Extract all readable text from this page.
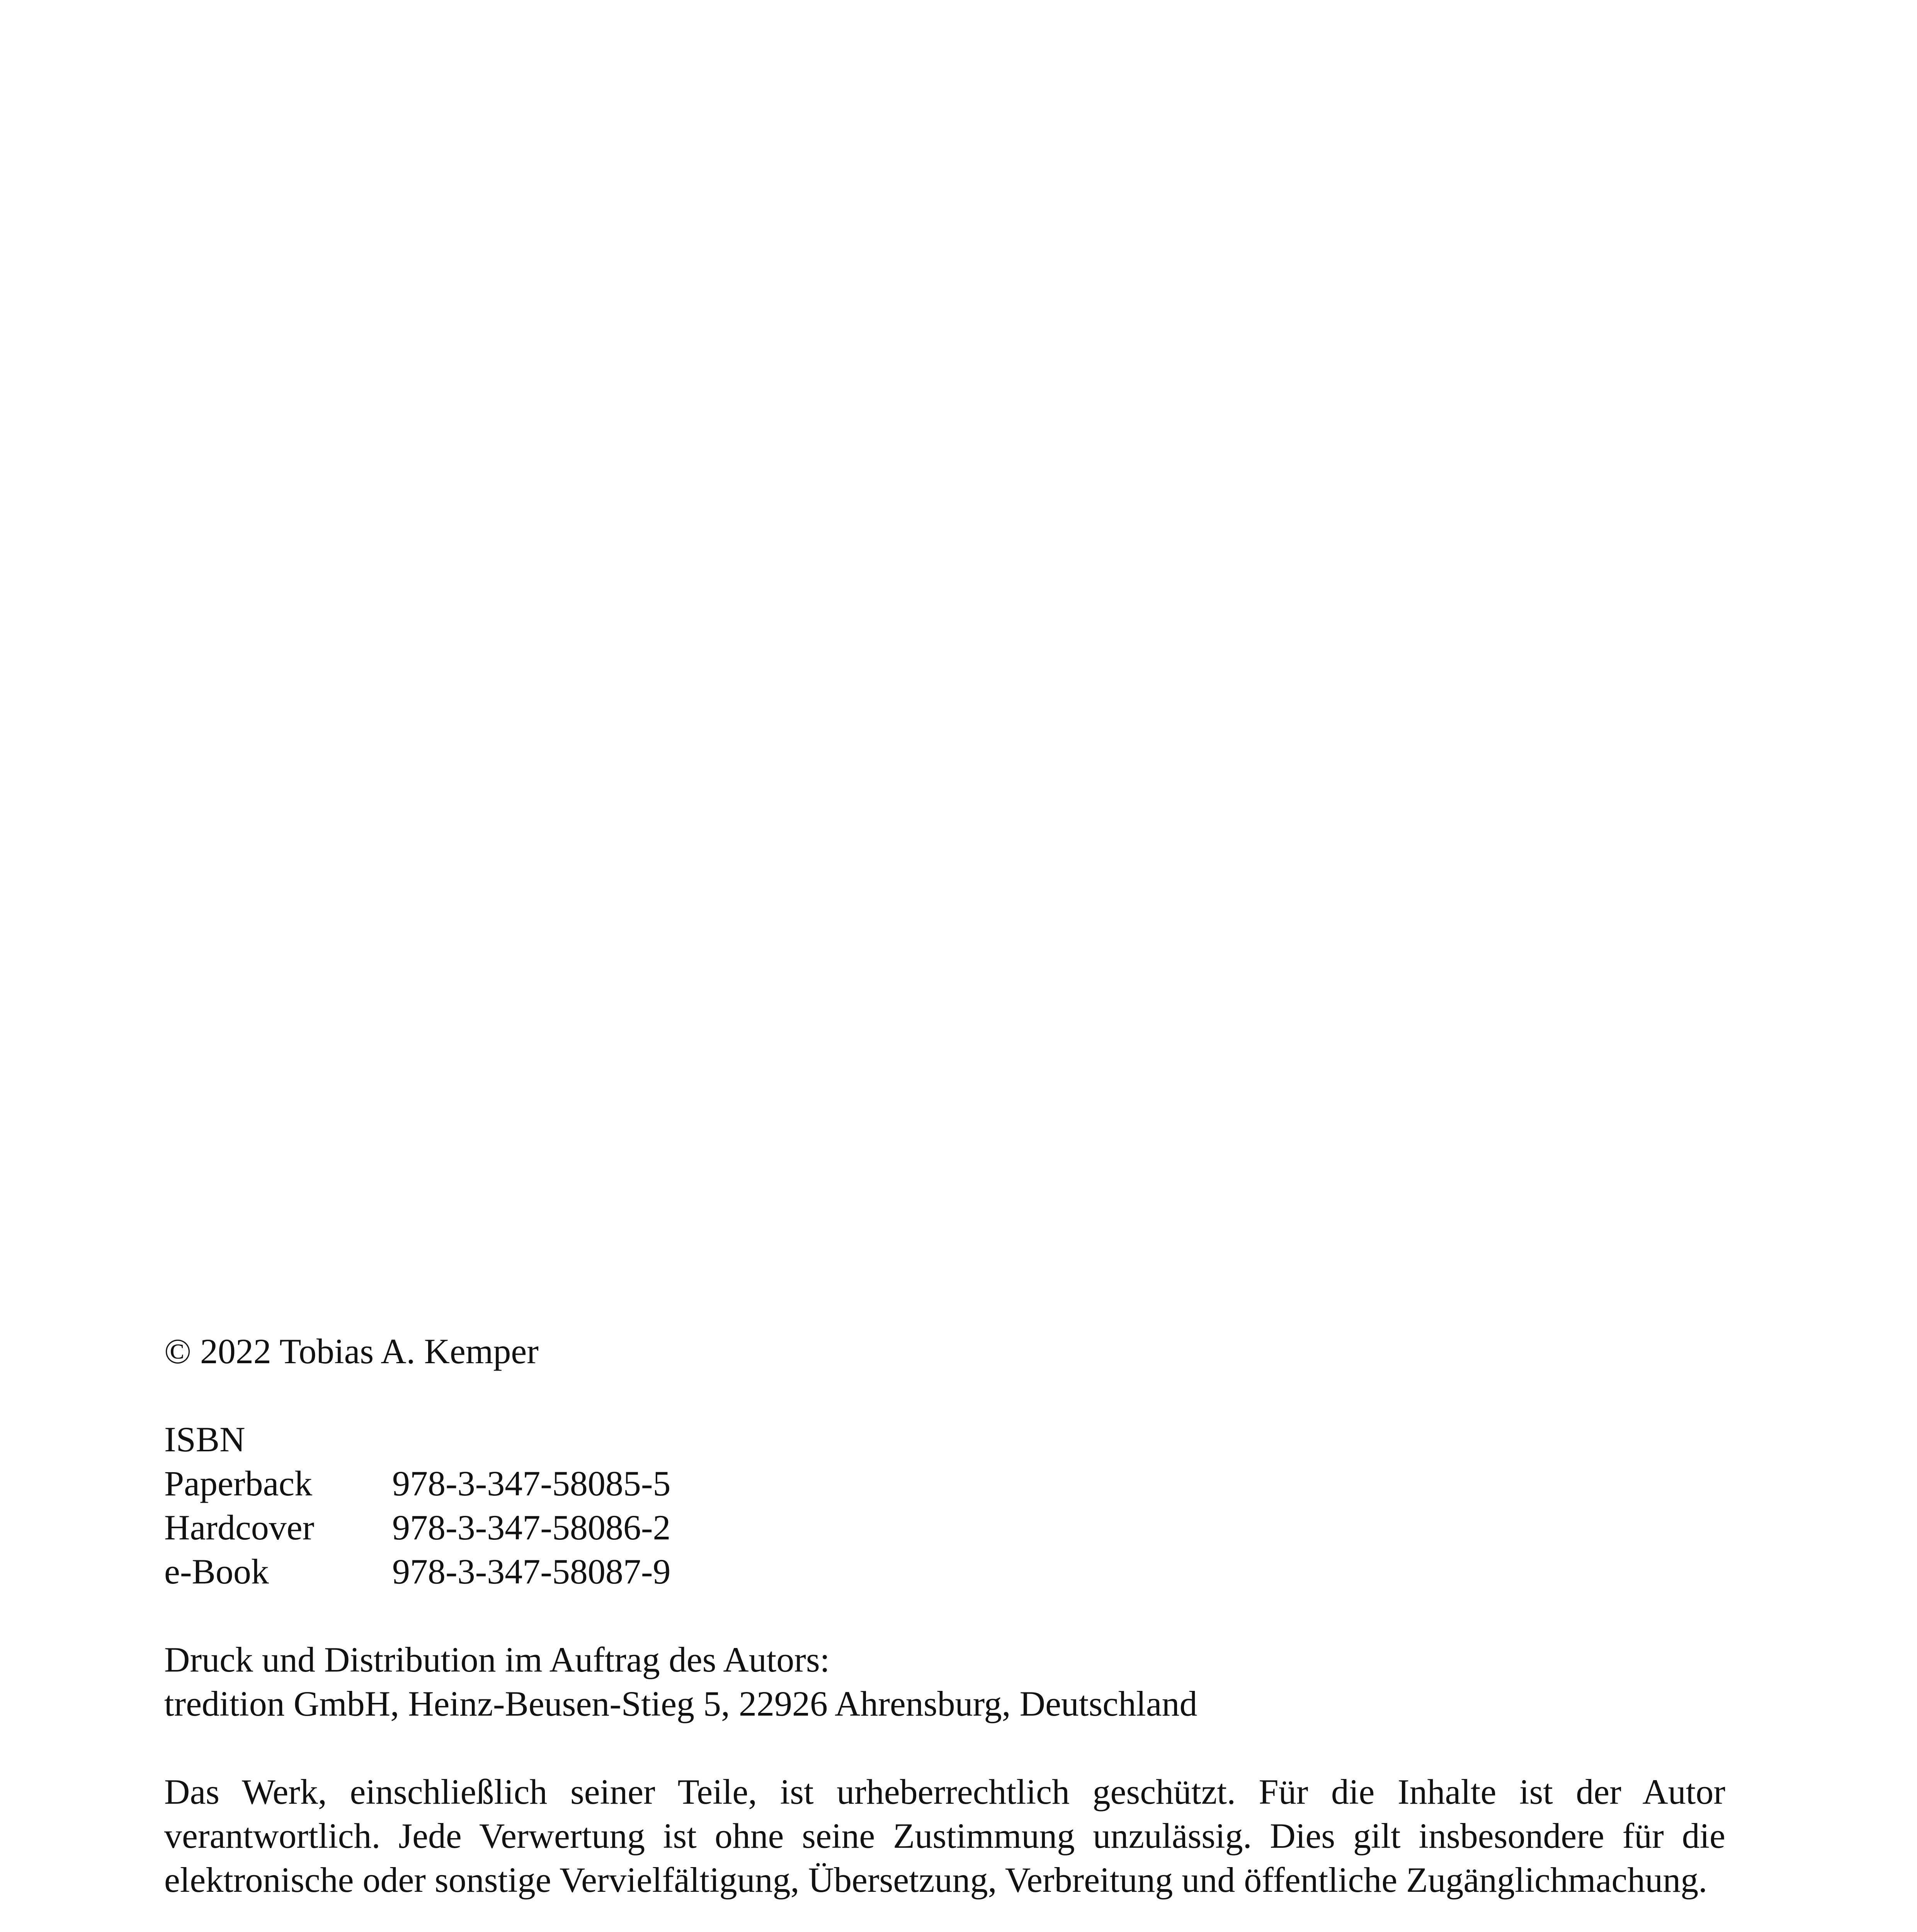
© 2022 Tobias A. Kemper
ISBN
Paperback	978-3-347-58085-5
Hardcover	978-3-347-58086-2
e-Book	978-3-347-58087-9
Druck und Distribution im Auftrag des Autors:
tredition GmbH, Heinz-Beusen-Stieg 5, 22926 Ahrensburg, Deutschland
Das Werk, einschließlich seiner Teile, ist urheberrechtlich geschützt. Für die Inhalte ist der Autor verantwortlich. Jede Verwertung ist ohne seine Zustimmung unzulässig. Dies gilt insbesondere für die elektronische oder sonstige Vervielfältigung, Übersetzung, Verbreitung und öffentliche Zugänglichmachung.
